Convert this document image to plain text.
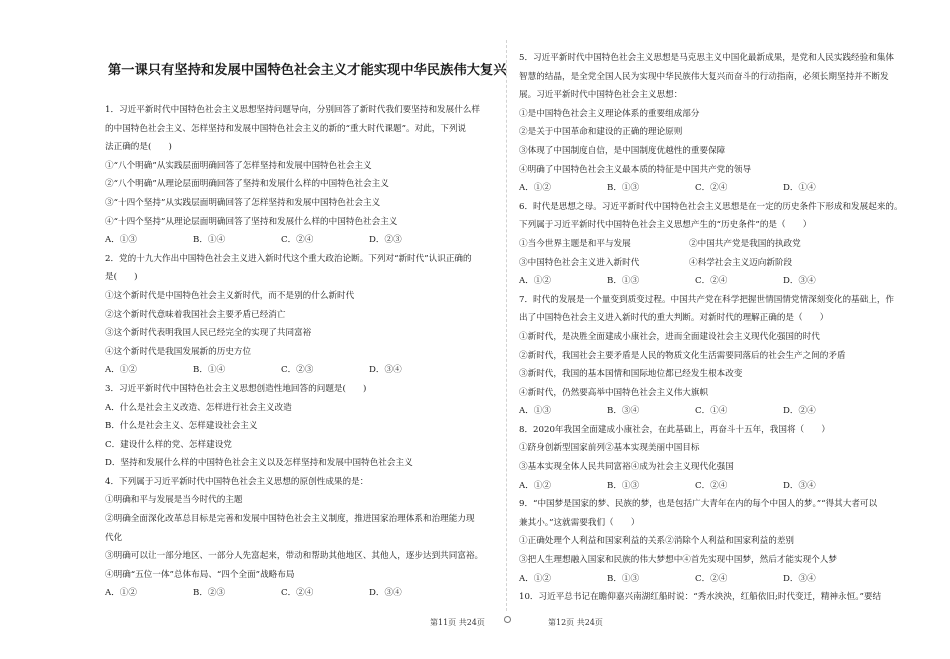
第一课只有坚持和发展中国特色社会主义才能实现中华民族伟大复兴
1．习近平新时代中国特色社会主义思想坚持问题导向，分别回答了新时代我们要坚持和发展什么样
的中国特色社会主义、怎样坚持和发展中国特色社会主义的新的“重大时代课题”。对此，下列说
法正确的是(　　)
①“八个明确”从实践层面明确回答了怎样坚持和发展中国特色社会主义
②“八个明确”从理论层面明确回答了坚持和发展什么样的中国特色社会主义
③“十四个坚持”从实践层面明确回答了怎样坚持和发展中国特色社会主义
④“十四个坚持”从理论层面明确回答了坚持和发展什么样的中国特色社会主义
A．①③	B．①④	C．②④	D．②③
2．党的十九大作出中国特色社会主义进入新时代这个重大政治论断。下列对“新时代”认识正确的
是(　　)
①这个新时代是中国特色社会主义新时代，而不是别的什么新时代
②这个新时代意味着我国社会主要矛盾已经消亡
③这个新时代表明我国人民已经完全的实现了共同富裕
④这个新时代是我国发展新的历史方位
A．①②	B．①④	C．②③	D．③④
3．习近平新时代中国特色社会主义思想创造性地回答的问题是(　　)
A．什么是社会主义改造、怎样进行社会主义改造
B．什么是社会主义、怎样建设社会主义
C．建设什么样的党、怎样建设党
D．坚持和发展什么样的中国特色社会主义以及怎样坚持和发展中国特色社会主义
4．下列属于习近平新时代中国特色社会主义思想的原创性成果的是：
①明确和平与发展是当今时代的主题
②明确全面深化改革总目标是完善和发展中国特色社会主义制度，推进国家治理体系和治理能力现
代化
③明确可以让一部分地区、一部分人先富起来，带动和帮助其他地区、其他人，逐步达到共同富裕。
④明确“五位一体”总体布局、“四个全面”战略布局
A．①②	B．②③	C．②④	D．③④
5．习近平新时代中国特色社会主义思想是马克思主义中国化最新成果，是党和人民实践经验和集体
智慧的结晶，是全党全国人民为实现中华民族伟大复兴而奋斗的行动指南，必须长期坚持并不断发
展。习近平新时代中国特色社会主义思想：
①是中国特色社会主义理论体系的重要组成部分
②是关于中国革命和建设的正确的理论原则
③体现了中国制度自信，是中国制度优越性的重要保障
④明确了中国特色社会主义最本质的特征是中国共产党的领导
A．①②	B．①③	C．②④	D．①④
6．时代是思想之母。习近平新时代中国特色社会主义思想是在一定的历史条件下形成和发展起来的。
下列属于习近平新时代中国特色社会主义思想产生的“历史条件”的是（　　）
①当今世界主题是和平与发展	②中国共产党是我国的执政党
③中国特色社会主义进入新时代	④科学社会主义迈向新阶段
A．①②	B．①③	C．②④	D．③④
7．时代的发展是一个量变到质变过程。中国共产党在科学把握世情国情党情深刻变化的基础上，作
出了中国特色社会主义进入新时代的重大判断。对新时代的理解正确的是（　　）
①新时代，是决胜全面建成小康社会，进而全面建设社会主义现代化强国的时代
②新时代，我国社会主要矛盾是人民的物质文化生活需要同落后的社会生产之间的矛盾
③新时代，我国的基本国情和国际地位都已经发生根本改变
④新时代，仍然要高举中国特色社会主义伟大旗帜
A．①③	B．③④	C．①④	D．②④
8．2020年我国全面建成小康社会，在此基础上，再奋斗十五年，我国将（　　）
①跻身创新型国家前列②基本实现美丽中国目标
③基本实现全体人民共同富裕④成为社会主义现代化强国
A．①②	B．①③	C．②④	D．③④
9．“中国梦是国家的梦、民族的梦，也是包括广大青年在内的每个中国人的梦。”“得其大者可以
兼其小。”这就需要我们（　　）
①正确处理个人利益和国家利益的关系②消除个人利益和国家利益的差别
③把人生理想融入国家和民族的伟大梦想中④首先实现中国梦，然后才能实现个人梦
A．①②	B．①③	C．②④	D．③④
10．习近平总书记在瞻仰嘉兴南湖红船时说：“秀水泱泱，红船依旧;时代变迁，精神永恒。”要结
第11页 共24页	第12页 共24页
